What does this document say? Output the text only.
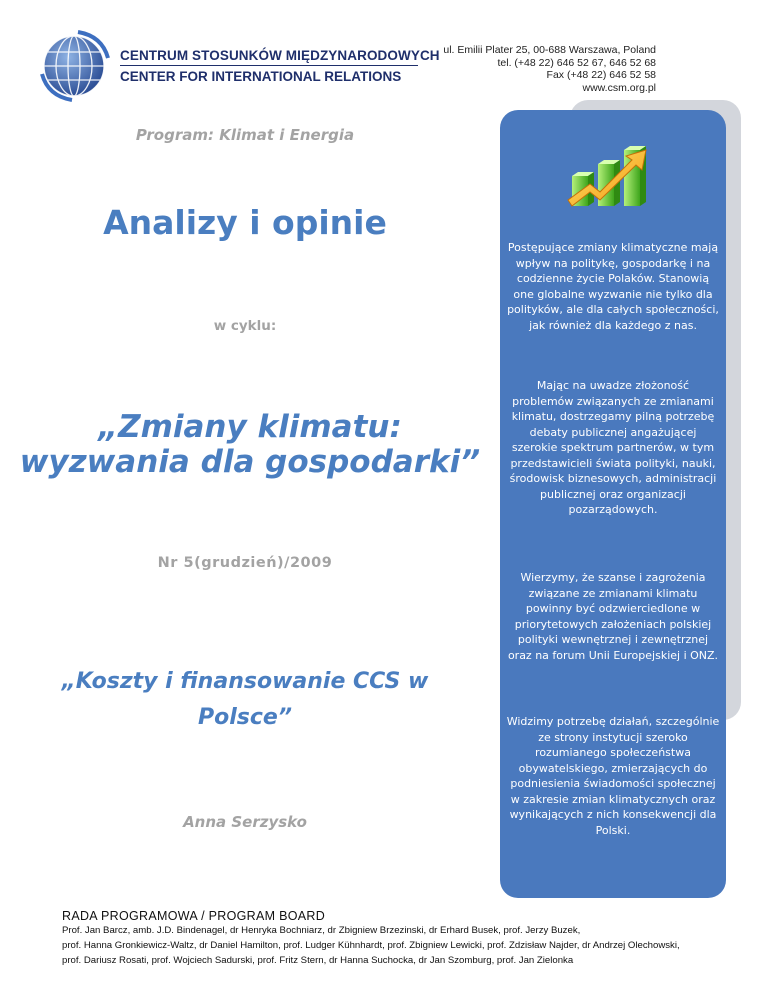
CENTRUM STOSUNKÓW MIĘDZYNARODOWYCH
CENTER FOR INTERNATIONAL RELATIONS
ul. Emilii Plater 25, 00-688 Warszawa, Poland
tel. (+48 22) 646 52 67, 646 52 68
Fax (+48 22) 646 52 58
www.csm.org.pl
Program: Klimat i Energia
Analizy i opinie
w cyklu:
„Zmiany klimatu:
wyzwania dla gospodarki”
Nr 5(grudzień)/2009
„Koszty i finansowanie CCS w
Polsce”
Anna Serzysko
Postępujące zmiany klimatyczne mają wpływ na politykę, gospodarkę i na codzienne życie Polaków. Stanowią one globalne wyzwanie nie tylko dla polityków, ale dla całych społeczności, jak również dla każdego z nas.
Mając na uwadze złożoność problemów związanych ze zmianami klimatu, dostrzegamy pilną potrzebę debaty publicznej angażującej szerokie spektrum partnerów, w tym przedstawicieli świata polityki, nauki, środowisk biznesowych, administracji publicznej oraz organizacji pozarządowych.
Wierzymy, że szanse i zagrożenia związane ze zmianami klimatu powinny być odzwierciedlone w priorytetowych założeniach polskiej polityki wewnętrznej i zewnętrznej oraz na forum Unii Europejskiej i ONZ.
Widzimy potrzebę działań, szczególnie ze strony instytucji szeroko rozumianego społeczeństwa obywatelskiego, zmierzających do podniesienia świadomości społecznej w zakresie zmian klimatycznych oraz wynikających z nich konsekwencji dla Polski.
RADA PROGRAMOWA / PROGRAM BOARD
Prof. Jan Barcz, amb. J.D. Bindenagel, dr Henryka Bochniarz, dr Zbigniew Brzezinski, dr Erhard Busek, prof. Jerzy Buzek,
prof. Hanna Gronkiewicz-Waltz, dr Daniel Hamilton, prof. Ludger Kühnhardt, prof. Zbigniew Lewicki, prof. Zdzisław Najder, dr Andrzej Olechowski,
prof. Dariusz Rosati, prof. Wojciech Sadurski, prof. Fritz Stern, dr Hanna Suchocka, dr Jan Szomburg, prof. Jan Zielonka
